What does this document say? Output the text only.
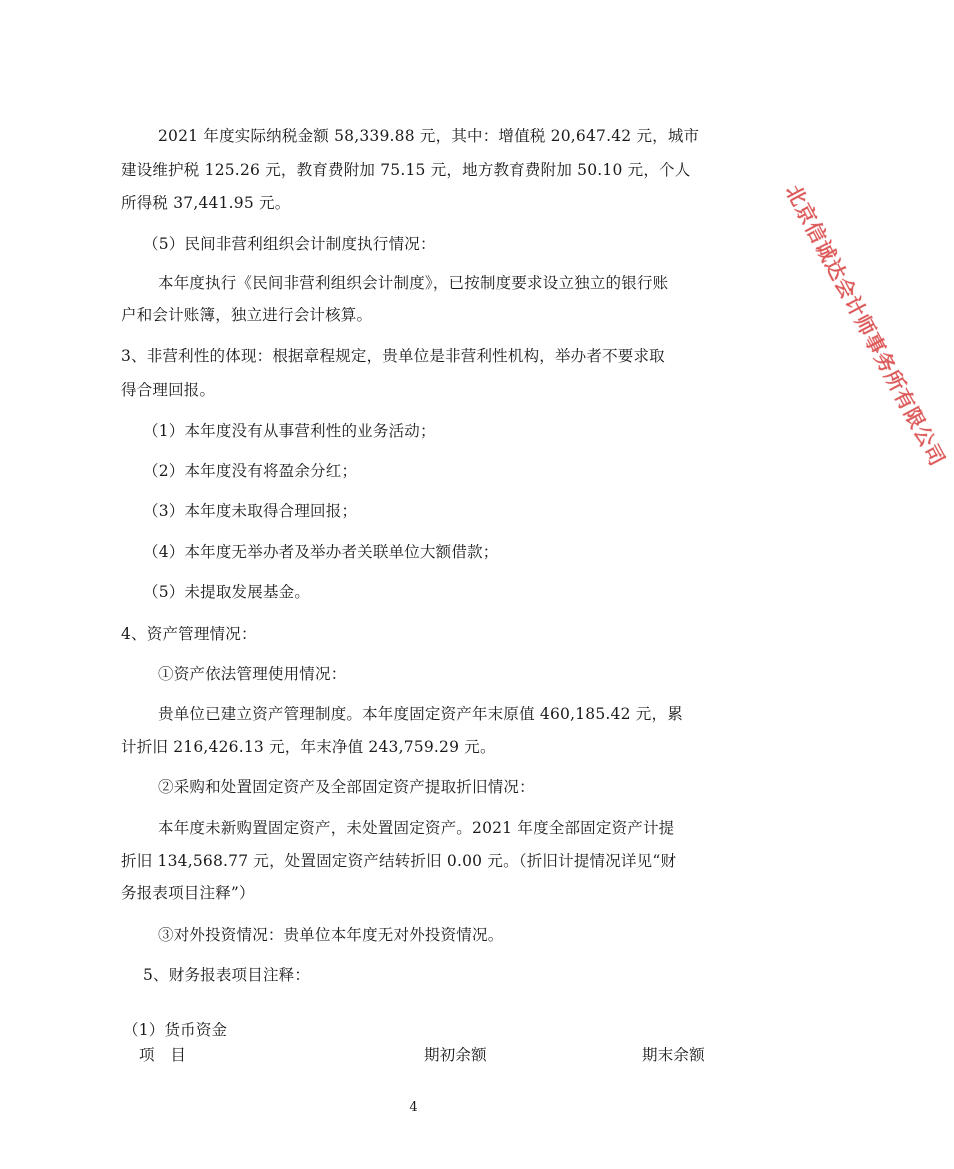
2021 年度实际纳税金额 58,339.88 元，其中：增值税 20,647.42 元，城市
建设维护税 125.26 元，教育费附加 75.15 元，地方教育费附加 50.10 元，个人
所得税 37,441.95 元。
（5）民间非营利组织会计制度执行情况：
本年度执行《民间非营利组织会计制度》，已按制度要求设立独立的银行账
户和会计账簿，独立进行会计核算。
3、非营利性的体现：根据章程规定，贵单位是非营利性机构，举办者不要求取
得合理回报。
（1）本年度没有从事营利性的业务活动；
（2）本年度没有将盈余分红；
（3）本年度未取得合理回报；
（4）本年度无举办者及举办者关联单位大额借款；
（5）未提取发展基金。
4、资产管理情况：
①资产依法管理使用情况：
贵单位已建立资产管理制度。本年度固定资产年末原值 460,185.42 元，累
计折旧 216,426.13 元，年末净值 243,759.29 元。
②采购和处置固定资产及全部固定资产提取折旧情况：
本年度未新购置固定资产，未处置固定资产。2021 年度全部固定资产计提
折旧 134,568.77 元，处置固定资产结转折旧 0.00 元。（折旧计提情况详见“财
务报表项目注释”）
③对外投资情况：贵单位本年度无对外投资情况。
5、财务报表项目注释：
（1）货币资金
项　目	期初余额	期末余额
北京信诚达会计师事务所有限公司
4
